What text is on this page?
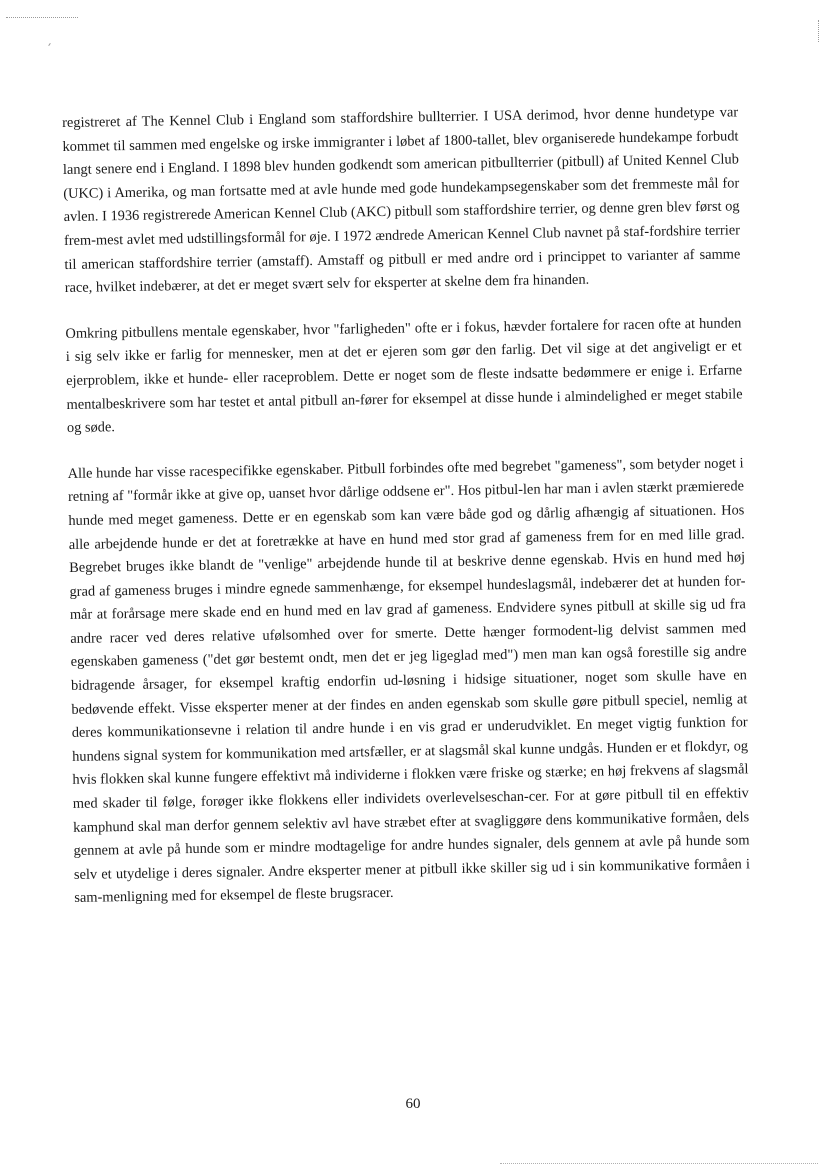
registreret af The Kennel Club i England som staffordshire bullterrier. I USA derimod, hvor denne hundetype var kommet til sammen med engelske og irske immigranter i løbet af 1800-tallet, blev organiserede hundekampe forbudt langt senere end i England. I 1898 blev hunden godkendt som american pitbullterrier (pitbull) af United Kennel Club (UKC) i Amerika, og man fortsatte med at avle hunde med gode hundekampsegenskaber som det fremmeste mål for avlen. I 1936 registrerede American Kennel Club (AKC) pitbull som staffordshire terrier, og denne gren blev først og frem-mest avlet med udstillingsformål for øje. I 1972 ændrede American Kennel Club navnet på staf-fordshire terrier til american staffordshire terrier (amstaff). Amstaff og pitbull er med andre ord i princippet to varianter af samme race, hvilket indebærer, at det er meget svært selv for eksperter at skelne dem fra hinanden.

Omkring pitbullens mentale egenskaber, hvor "farligheden" ofte er i fokus, hævder fortalere for racen ofte at hunden i sig selv ikke er farlig for mennesker, men at det er ejeren som gør den farlig. Det vil sige at det angiveligt er et ejerproblem, ikke et hunde- eller raceproblem. Dette er noget som de fleste indsatte bedømmere er enige i. Erfarne mentalbeskrivere som har testet et antal pitbull an-fører for eksempel at disse hunde i almindelighed er meget stabile og søde.

Alle hunde har visse racespecifikke egenskaber. Pitbull forbindes ofte med begrebet "gameness", som betyder noget i retning af "formår ikke at give op, uanset hvor dårlige oddsene er". Hos pitbul-len har man i avlen stærkt præmierede hunde med meget gameness. Dette er en egenskab som kan være både god og dårlig afhængig af situationen. Hos alle arbejdende hunde er det at foretrække at have en hund med stor grad af gameness frem for en med lille grad. Begrebet bruges ikke blandt de "venlige" arbejdende hunde til at beskrive denne egenskab. Hvis en hund med høj grad af gameness bruges i mindre egnede sammenhænge, for eksempel hundeslagsmål, indebærer det at hunden for-mår at forårsage mere skade end en hund med en lav grad af gameness. Endvidere synes pitbull at skille sig ud fra andre racer ved deres relative ufølsomhed over for smerte. Dette hænger formodent-lig delvist sammen med egenskaben gameness ("det gør bestemt ondt, men det er jeg ligeglad med") men man kan også forestille sig andre bidragende årsager, for eksempel kraftig endorfin ud-løsning i hidsige situationer, noget som skulle have en bedøvende effekt. Visse eksperter mener at der findes en anden egenskab som skulle gøre pitbull speciel, nemlig at deres kommunikationsevne i relation til andre hunde i en vis grad er underudviklet. En meget vigtig funktion for hundens signal system for kommunikation med artsfæller, er at slagsmål skal kunne undgås. Hunden er et flokdyr, og hvis flokken skal kunne fungere effektivt må individerne i flokken være friske og stærke; en høj frekvens af slagsmål med skader til følge, forøger ikke flokkens eller individets overlevelseschan-cer. For at gøre pitbull til en effektiv kamphund skal man derfor gennem selektiv avl have stræbet efter at svagliggøre dens kommunikative formåen, dels gennem at avle på hunde som er mindre modtagelige for andre hundes signaler, dels gennem at avle på hunde som selv et utydelige i deres signaler. Andre eksperter mener at pitbull ikke skiller sig ud i sin kommunikative formåen i sam-menligning med for eksempel de fleste brugsracer.

60
